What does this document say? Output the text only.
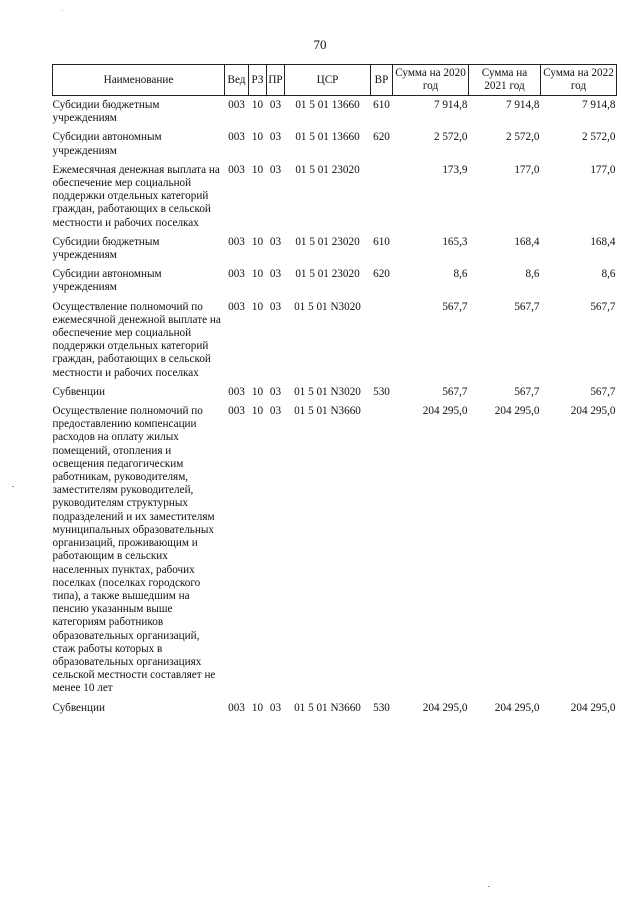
70
Наименование	Вед	РЗ	ПР	ЦСР	ВР	Сумма на 2020 год	Сумма на 2021 год	Сумма на 2022 год
Субсидии бюджетным учреждениям	003	10	03	01 5 01 13660	610	7 914,8	7 914,8	7 914,8
Субсидии автономным учреждениям	003	10	03	01 5 01 13660	620	2 572,0	2 572,0	2 572,0
Ежемесячная денежная выплата на обеспечение мер социальной поддержки отдельных категорий граждан, работающих в сельской местности и рабочих поселках	003	10	03	01 5 01 23020		173,9	177,0	177,0
Субсидии бюджетным учреждениям	003	10	03	01 5 01 23020	610	165,3	168,4	168,4
Субсидии автономным учреждениям	003	10	03	01 5 01 23020	620	8,6	8,6	8,6
Осуществление полномочий по ежемесячной денежной выплате на обеспечение мер социальной поддержки отдельных категорий граждан, работающих в сельской местности и рабочих поселках	003	10	03	01 5 01 N3020		567,7	567,7	567,7
Субвенции	003	10	03	01 5 01 N3020	530	567,7	567,7	567,7
Осуществление полномочий по предоставлению компенсации расходов на оплату жилых помещений, отопления и освещения педагогическим работникам, руководителям, заместителям руководителей, руководителям структурных подразделений и их заместителям муниципальных образовательных организаций, проживающим и работающим в сельских населенных пунктах, рабочих поселках (поселках городского типа), а также вышедшим на пенсию указанным выше категориям работников образовательных организаций, стаж работы которых в образовательных организациях сельской местности составляет не менее 10 лет	003	10	03	01 5 01 N3660		204 295,0	204 295,0	204 295,0
Субвенции	003	10	03	01 5 01 N3660	530	204 295,0	204 295,0	204 295,0
